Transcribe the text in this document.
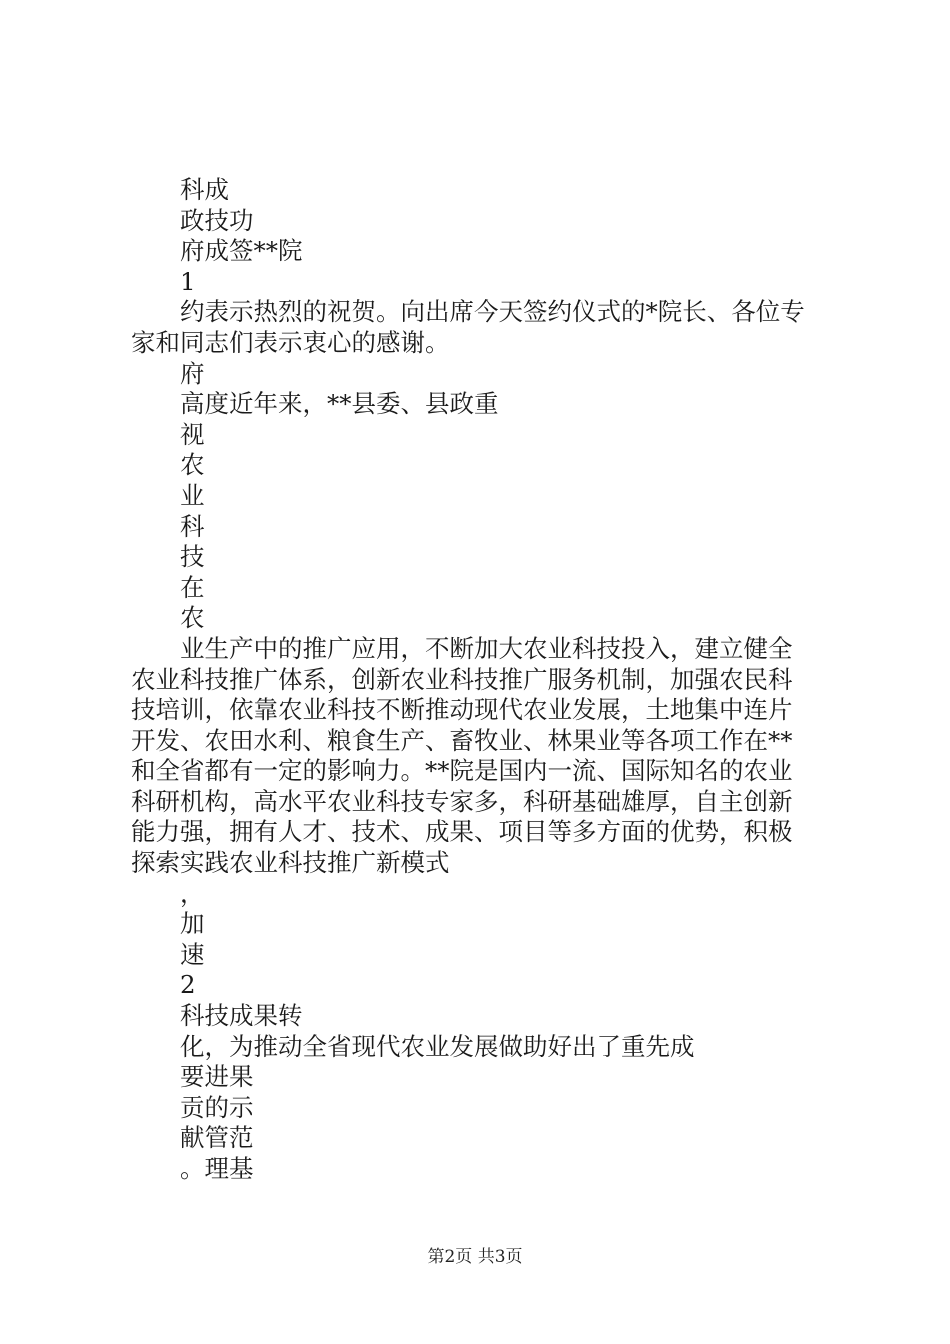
科成
政技功
府成签**院
1
约表示热烈的祝贺。向出席今天签约仪式的*院长、各位专
家和同志们表示衷心的感谢。
府
高度近年来，**县委、县政重
视
农
业
科
技
在
农
业生产中的推广应用，不断加大农业科技投入，建立健全
农业科技推广体系，创新农业科技推广服务机制，加强农民科
技培训，依靠农业科技不断推动现代农业发展，土地集中连片
开发、农田水利、粮食生产、畜牧业、林果业等各项工作在**
和全省都有一定的影响力。**院是国内一流、国际知名的农业
科研机构，高水平农业科技专家多，科研基础雄厚，自主创新
能力强，拥有人才、技术、成果、项目等多方面的优势，积极
探索实践农业科技推广新模式
，
加
速
2
科技成果转
化，为推动全省现代农业发展做助好出了重先成
要进果
贡的示
献管范
。理基
第2页 共3页
